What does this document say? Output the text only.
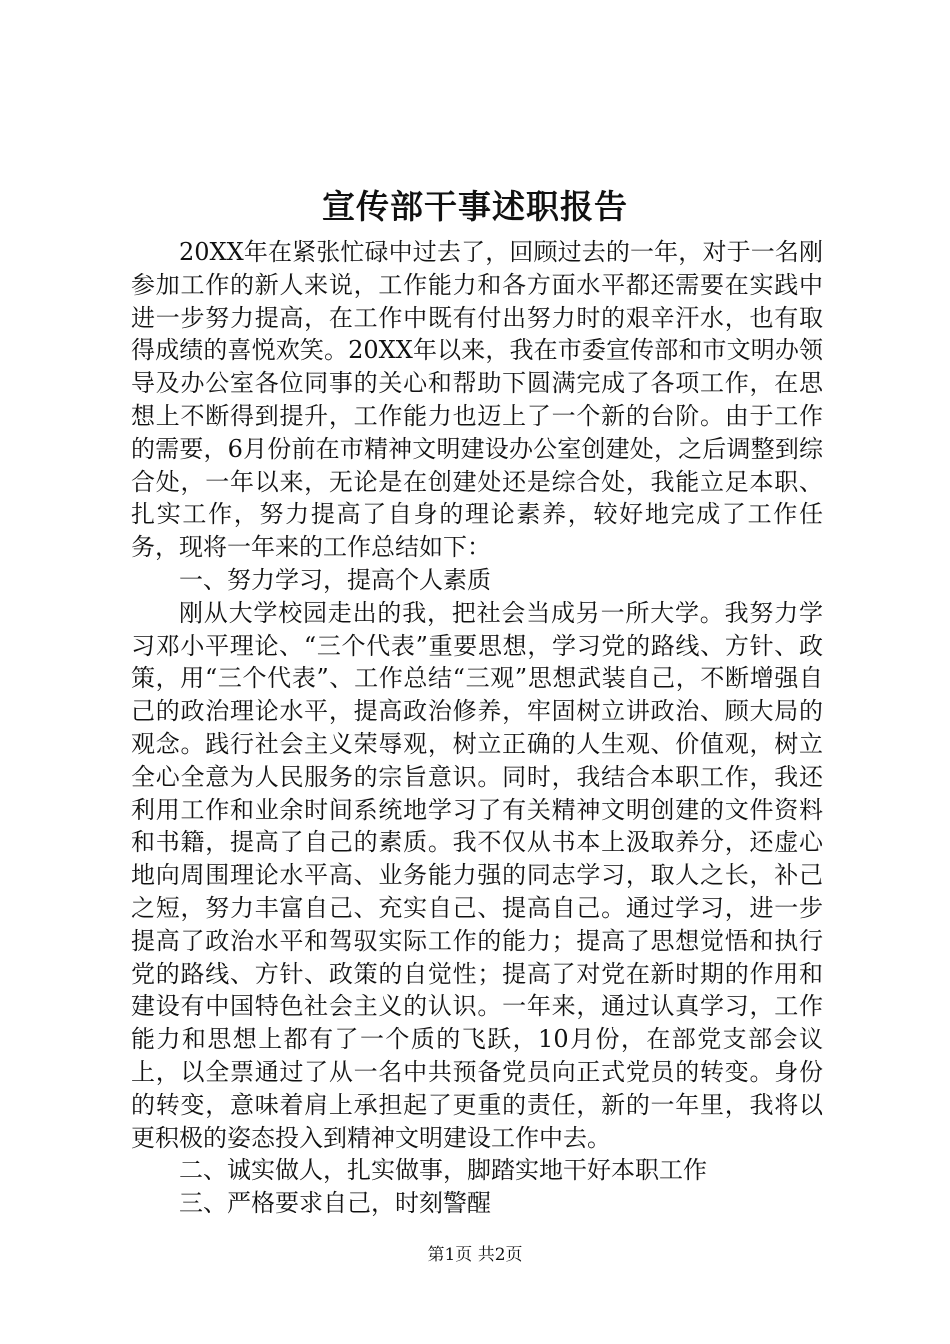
宣传部干事述职报告

20XX年在紧张忙碌中过去了，回顾过去的一年，对于一名刚参加工作的新人来说，工作能力和各方面水平都还需要在实践中进一步努力提高，在工作中既有付出努力时的艰辛汗水，也有取得成绩的喜悦欢笑。20XX年以来，我在市委宣传部和市文明办领导及办公室各位同事的关心和帮助下圆满完成了各项工作，在思想上不断得到提升，工作能力也迈上了一个新的台阶。由于工作的需要，6月份前在市精神文明建设办公室创建处，之后调整到综合处，一年以来，无论是在创建处还是综合处，我能立足本职、扎实工作，努力提高了自身的理论素养，较好地完成了工作任务，现将一年来的工作总结如下：

一、努力学习，提高个人素质

刚从大学校园走出的我，把社会当成另一所大学。我努力学习邓小平理论、“三个代表”重要思想，学习党的路线、方针、政策，用“三个代表”、工作总结“三观”思想武装自己，不断增强自己的政治理论水平，提高政治修养，牢固树立讲政治、顾大局的观念。践行社会主义荣辱观，树立正确的人生观、价值观，树立全心全意为人民服务的宗旨意识。同时，我结合本职工作，我还利用工作和业余时间系统地学习了有关精神文明创建的文件资料和书籍，提高了自己的素质。我不仅从书本上汲取养分，还虚心地向周围理论水平高、业务能力强的同志学习，取人之长，补己之短，努力丰富自己、充实自己、提高自己。通过学习，进一步提高了政治水平和驾驭实际工作的能力；提高了思想觉悟和执行党的路线、方针、政策的自觉性；提高了对党在新时期的作用和建设有中国特色社会主义的认识。一年来，通过认真学习，工作能力和思想上都有了一个质的飞跃，10月份，在部党支部会议上，以全票通过了从一名中共预备党员向正式党员的转变。身份的转变，意味着肩上承担起了更重的责任，新的一年里，我将以更积极的姿态投入到精神文明建设工作中去。

二、诚实做人，扎实做事，脚踏实地干好本职工作

三、严格要求自己，时刻警醒

第1页 共2页
